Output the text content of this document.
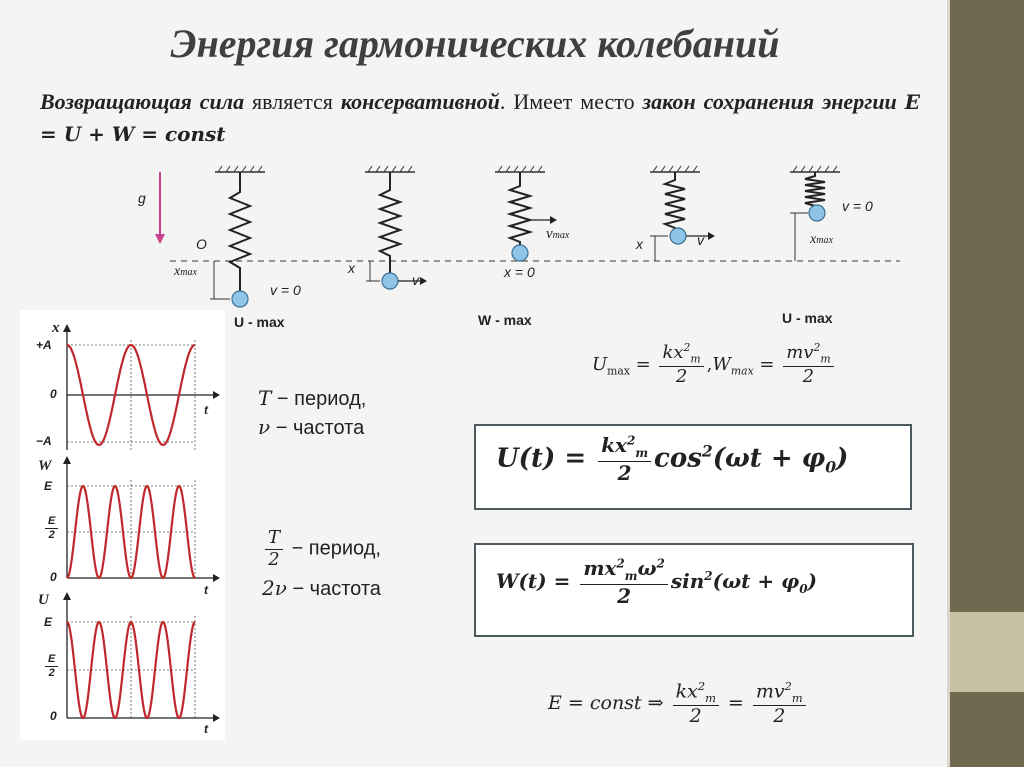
Энергия гармонических колебаний
Возвращающая сила является консервативной. Имеет место закон сохранения энергии E = U + W = const
g
O
xmax
v = 0
x
v
vmax
x = 0
x	v
v = 0
xmax
U - max	W - max	U - max
x
+A
0
−A
t
W
E
$\frac{E}{2}$
0
t
U
E
$\frac{E}{2}$
0
t
T − период,
ν − частота
$\frac{T}{2}$ − период,
2ν − частота
$U_{max} = \frac{kx^2_m}{2} ,W_{max} = \frac{mv^2_m}{2}$
$U(t) = \frac{kx^2_m}{2} \cos^2(\omega t + \varphi_0)$
$W(t) = \frac{mx^2_m\omega^2}{2} \sin^2(\omega t + \varphi_0)$
E = const ⇒ $\frac{kx^2_m}{2} = \frac{mv^2_m}{2}$
